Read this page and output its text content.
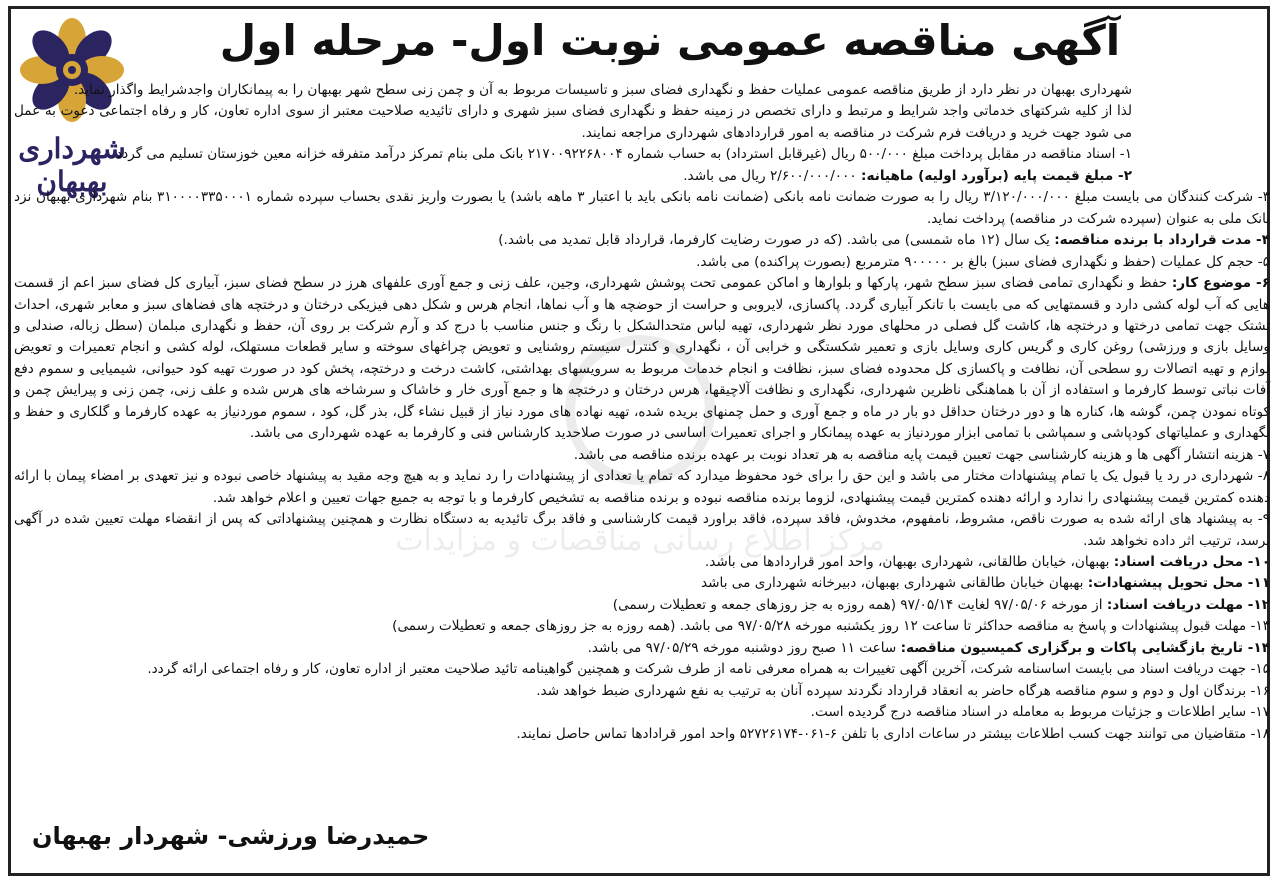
شهرداری بهبهان
آگهی مناقصه عمومی نوبت اول- مرحله اول
مرکز اطلاع رسانی مناقصات و مزایدات

شهرداری بهبهان در نظر دارد از طریق مناقصه عمومی عملیات حفظ و نگهداری فضای سبز و تاسیسات مربوط به آن و چمن زنی سطح شهر بهبهان را به پیمانکاران واجدشرایط واگذار نماید.

لذا از کلیه شرکتهای خدماتی واجد شرایط و مرتبط و دارای تخصص در زمینه حفظ و نگهداری فضای سبز شهری و دارای تائیدیه صلاحیت معتبر از سوی اداره تعاون، کار و رفاه اجتماعی دعوت به عمل می شود جهت خرید و دریافت فرم شرکت در مناقصه به امور قراردادهای شهرداری مراجعه نمایند.

۱- اسناد مناقصه در مقابل پرداخت مبلغ ۵۰۰/۰۰۰ ریال (غیرقابل استرداد) به حساب شماره ۲۱۷۰۰۹۲۲۶۸۰۰۴ بانک ملی بنام تمرکز درآمد متفرقه خزانه معین خوزستان تسلیم می گردد.

۲- مبلغ قیمت پایه (برآورد اولیه) ماهیانه: ۲/۶۰۰/۰۰۰/۰۰۰ ریال می باشد.

۳- شرکت کنندگان می بایست مبلغ ۳/۱۲۰/۰۰۰/۰۰۰ ریال را به صورت ضمانت نامه بانکی (ضمانت نامه بانکی باید با اعتبار ۳ ماهه باشد) یا بصورت واریز نقدی بحساب سپرده شماره ۳۱۰۰۰۰۳۳۵۰۰۰۱ بنام شهرداری بهبهان نزد بانک ملی به عنوان (سپرده شرکت در مناقصه) پرداخت نماید.

۴- مدت قرارداد با برنده مناقصه: یک سال (۱۲ ماه شمسی) می باشد. (که در صورت رضایت کارفرما، قرارداد قابل تمدید می باشد.)

۵- حجم کل عملیات (حفظ و نگهداری فضای سبز) بالغ بر ۹۰۰۰۰۰ مترمربع (بصورت پراکنده) می باشد.

۶- موضوع کار: حفظ و نگهداری تمامی فضای سبز سطح شهر، پارکها و بلوارها و اماکن عمومی تحت پوشش شهرداری، وجین، علف زنی و جمع آوری علفهای هرز در سطح فضای سبز، آبیاری کل فضای سبز اعم از قسمت هایی که آب لوله کشی دارد و قسمتهایی که می بایست با تانکر آبیاری گردد. پاکسازی، لایروبی و حراست از حوضچه ها و آب نماها، انجام هرس و شکل دهی فیزیکی درختان و درختچه های فضاهای سبز و معابر شهری، احداث تشتک جهت تمامی درختها و درختچه ها، کاشت گل فصلی در محلهای مورد نظر شهرداری، تهیه لباس متحدالشکل با رنگ و جنس مناسب با درج کد و آرم شرکت بر روی آن، حفظ و نگهداری مبلمان (سطل زباله، صندلی و وسایل بازی و ورزشی) روغن کاری و گریس کاری وسایل بازی و تعمیر شکستگی و خرابی آن ، نگهداری و کنترل سیستم روشنایی و تعویض چراغهای سوخته و سایر قطعات مستهلک، لوله کشی و انجام تعمیرات و تعویض لوازم و تهیه اتصالات رو سطحی آن، نظافت و پاکسازی کل محدوده فضای سبز، نظافت و انجام خدمات مربوط به سرویسهای بهداشتی، کاشت درخت و درختچه، پخش کود در صورت تهیه کود حیوانی، شیمیایی و سموم دفع آفات نباتی توسط کارفرما و استفاده از آن با هماهنگی ناظرین شهرداری، نگهداری و نظافت آلاچیقها، هرس درختان و درختچه ها و جمع آوری خار و خاشاک و سرشاخه های هرس شده و علف زنی، چمن زنی و پیرایش چمن و کوتاه نمودن چمن، گوشه ها، کناره ها و دور درختان حداقل دو بار در ماه و جمع آوری و حمل چمنهای بریده شده، تهیه نهاده های مورد نیاز از قبیل نشاء گل، بذر گل، کود ، سموم موردنیاز به عهده کارفرما و گلکاری و حفظ و نگهداری و عملیاتهای کودپاشی و سمپاشی با تمامی ابزار موردنیاز به عهده پیمانکار و اجرای تعمیرات اساسی در صورت صلاحدید کارشناس فنی و کارفرما به عهده شهرداری می باشد.

۷- هزینه انتشار آگهی ها و هزینه کارشناسی جهت تعیین قیمت پایه مناقصه به هر تعداد نوبت بر عهده برنده مناقصه می باشد.

۸- شهرداری در رد یا قبول یک یا تمام پیشنهادات مختار می باشد و این حق را برای خود محفوظ میدارد که تمام یا تعدادی از پیشنهادات را رد نماید و به هیچ وجه مقید به پیشنهاد خاصی نبوده و نیز تعهدی بر امضاء پیمان با ارائه دهنده کمترین قیمت پیشنهادی را ندارد و ارائه دهنده کمترین قیمت پیشنهادی، لزوما برنده مناقصه نبوده و برنده مناقصه به تشخیص کارفرما و با توجه به جمیع جهات تعیین و اعلام خواهد شد.

۹- به پیشنهاد های ارائه شده به صورت ناقص، مشروط، نامفهوم، مخدوش، فاقد سپرده، فاقد براورد قیمت کارشناسی و فاقد برگ تائیدیه به دستگاه نظارت و همچنین پیشنهاداتی که پس از انقضاء مهلت تعیین شده در آگهی برسد، ترتیب اثر داده نخواهد شد.

۱۰- محل دریافت اسناد: بهبهان، خیابان طالقانی، شهرداری بهبهان، واحد امور قراردادها می باشد.

۱۱- محل تحویل پیشنهادات: بهبهان خیابان طالقانی شهرداری بهبهان، دبیرخانه شهرداری می باشد

۱۲- مهلت دریافت اسناد: از مورخه ۹۷/۰۵/۰۶ لغایت ۹۷/۰۵/۱۴ (همه روزه به جز روزهای جمعه و تعطیلات رسمی)

۱۳- مهلت قبول پیشنهادات و پاسخ به مناقصه حداکثر تا ساعت ۱۲ روز یکشنبه مورخه ۹۷/۰۵/۲۸ می باشد. (همه روزه به جز روزهای جمعه و تعطیلات رسمی)

۱۴- تاریخ بازگشایی پاکات و برگزاری کمیسیون مناقصه: ساعت ۱۱ صبح روز دوشنبه مورخه ۹۷/۰۵/۲۹ می باشد.

۱۵- جهت دریافت اسناد می بایست اساسنامه شرکت، آخرین آگهی تغییرات به همراه معرفی نامه از طرف شرکت و همچنین گواهینامه تائید صلاحیت معتبر از اداره تعاون، کار و رفاه اجتماعی ارائه گردد.

۱۶- برندگان اول و دوم و سوم مناقصه هرگاه حاضر به انعقاد قرارداد نگردند سپرده آنان به ترتیب به نفع شهرداری ضبط خواهد شد.

۱۷- سایر اطلاعات و جزئیات مربوط به معامله در اسناد مناقصه درج گردیده است.

۱۸- متقاضیان می توانند جهت کسب اطلاعات بیشتر در ساعات اداری با تلفن ۶-۰۶۱-۵۲۷۲۶۱۷۴ واحد امور قرادادها تماس حاصل نمایند.

حمیدرضا ورزشی- شهردار بهبهان
